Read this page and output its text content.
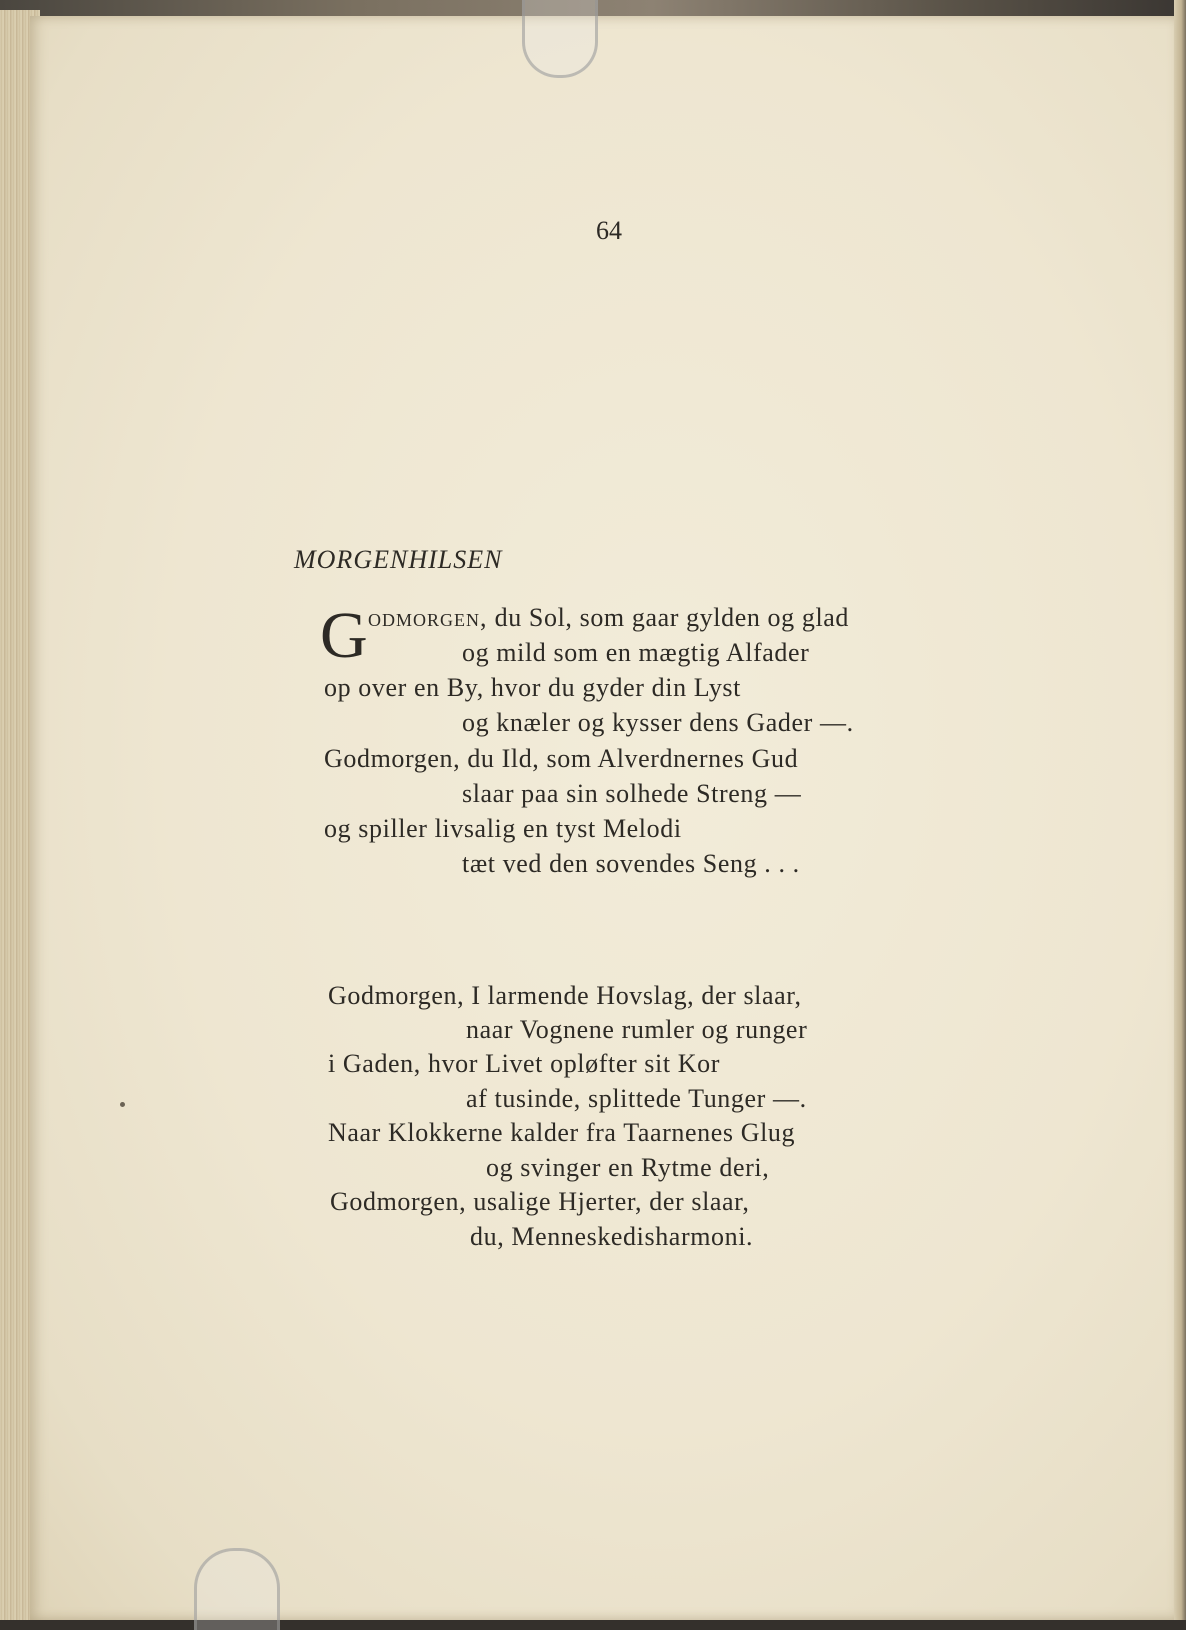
64
MORGENHILSEN
G odmorgen, du Sol, som gaar gylden og glad
og mild som en mægtig Alfader
op over en By, hvor du gyder din Lyst
og knæler og kysser dens Gader —.
Godmorgen, du Ild, som Alverdnernes Gud
slaar paa sin solhede Streng —
og spiller livsalig en tyst Melodi
tæt ved den sovendes Seng . . .
Godmorgen, I larmende Hovslag, der slaar,
naar Vognene rumler og runger
i Gaden, hvor Livet opløfter sit Kor
af tusinde, splittede Tunger —.
Naar Klokkerne kalder fra Taarnenes Glug
og svinger en Rytme deri,
Godmorgen, usalige Hjerter, der slaar,
du, Menneskedisharmoni.
